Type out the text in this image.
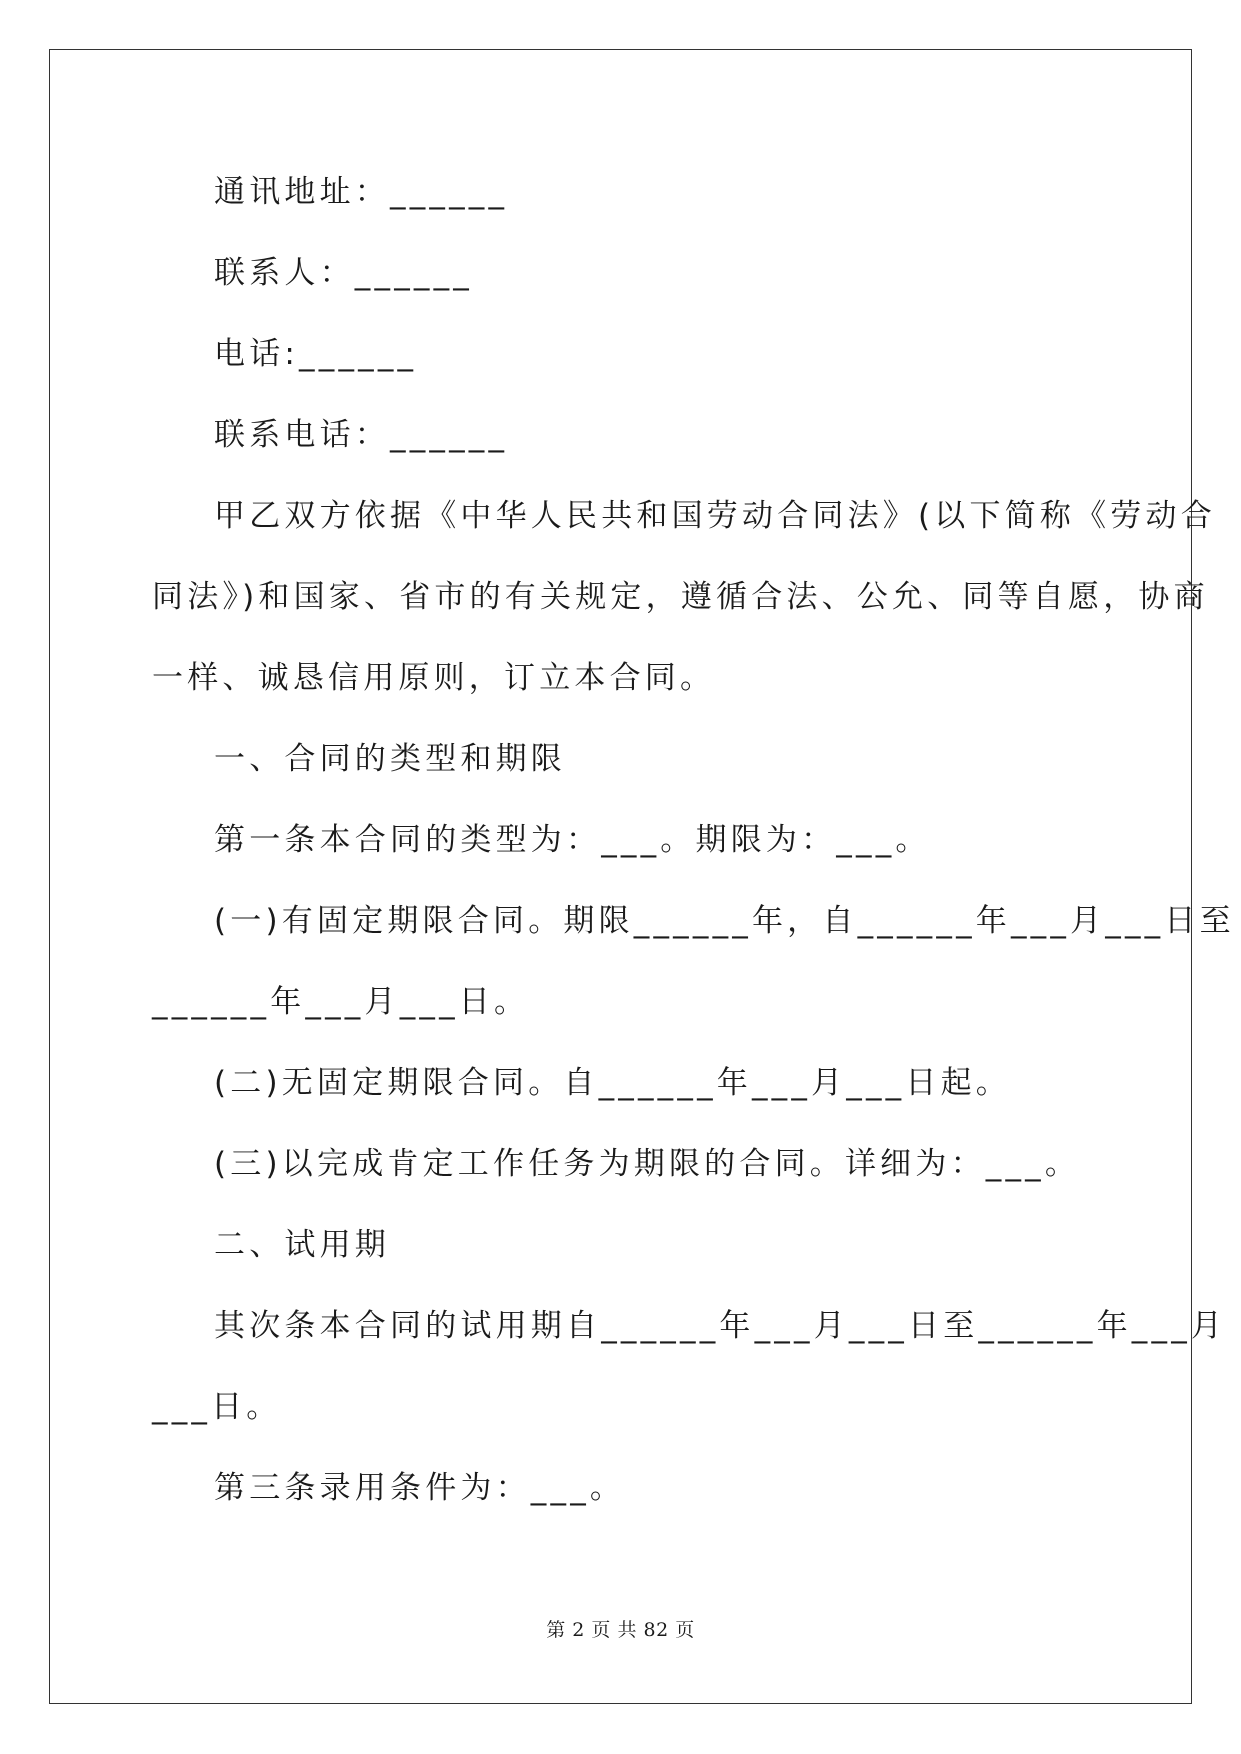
通讯地址：______

联系人：______

电话:______

联系电话：______

甲乙双方依据《中华人民共和国劳动合同法》(以下简称《劳动合

同法》)和国家、省市的有关规定，遵循合法、公允、同等自愿，协商

一样、诚恳信用原则，订立本合同。

一、合同的类型和期限

第一条本合同的类型为：___。期限为：___。

(一)有固定期限合同。期限______年，自______年___月___日至

______年___月___日。

(二)无固定期限合同。自______年___月___日起。

(三)以完成肯定工作任务为期限的合同。详细为：___。

二、试用期

其次条本合同的试用期自______年___月___日至______年___月

___日。

第三条录用条件为：___。

第 2 页 共 82 页
